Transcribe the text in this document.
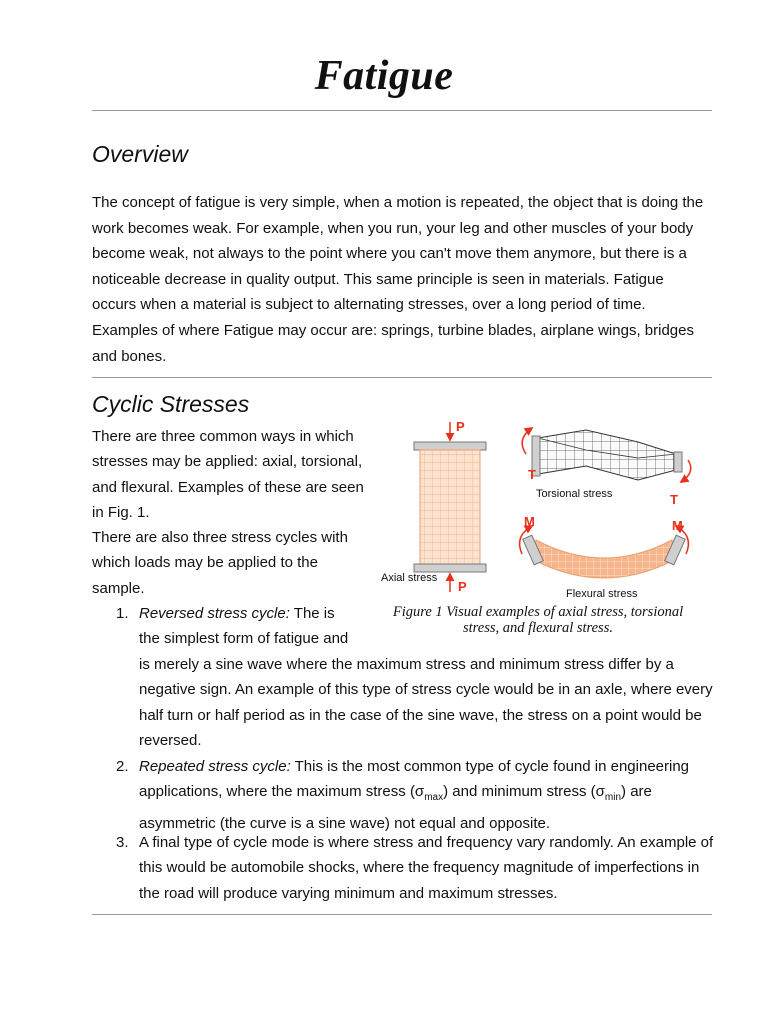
Fatigue
Overview
The concept of fatigue is very simple, when a motion is repeated, the object that is doing the work becomes weak. For example, when you run, your leg and other muscles of your body become weak, not always to the point where you can't move them anymore, but there is a noticeable decrease in quality output. This same principle is seen in materials. Fatigue occurs when a material is subject to alternating stresses, over a long period of time. Examples of where Fatigue may occur are: springs, turbine blades, airplane wings, bridges and bones.
Cyclic Stresses
There are three common ways in which stresses may be applied: axial, torsional, and flexural. Examples of these are seen in Fig. 1.
There are also three stress cycles with which loads may be applied to the sample.
1. Reversed stress cycle: The is
the simplest form of fatigue and
is merely a sine wave where the maximum stress and minimum stress differ by a negative sign. An example of this type of stress cycle would be in an axle, where every half turn or half period as in the case of the sine wave, the stress on a point would be reversed.
2. Repeated stress cycle: This is the most common type of cycle found in engineering applications, where the maximum stress $(\sigma_{max})$ and minimum stress $(\sigma_{min})$ are asymmetric (the curve is a sine wave) not equal and opposite.
3. A final type of cycle mode is where stress and frequency vary randomly. An example of this would be automobile shocks, where the frequency magnitude of imperfections in the road will produce varying minimum and maximum stresses.
P
P
Axial stress
T
T
Torsional stress
M	M
Flexural stress
Figure 1 Visual examples of axial stress, torsional stress, and flexural stress.
